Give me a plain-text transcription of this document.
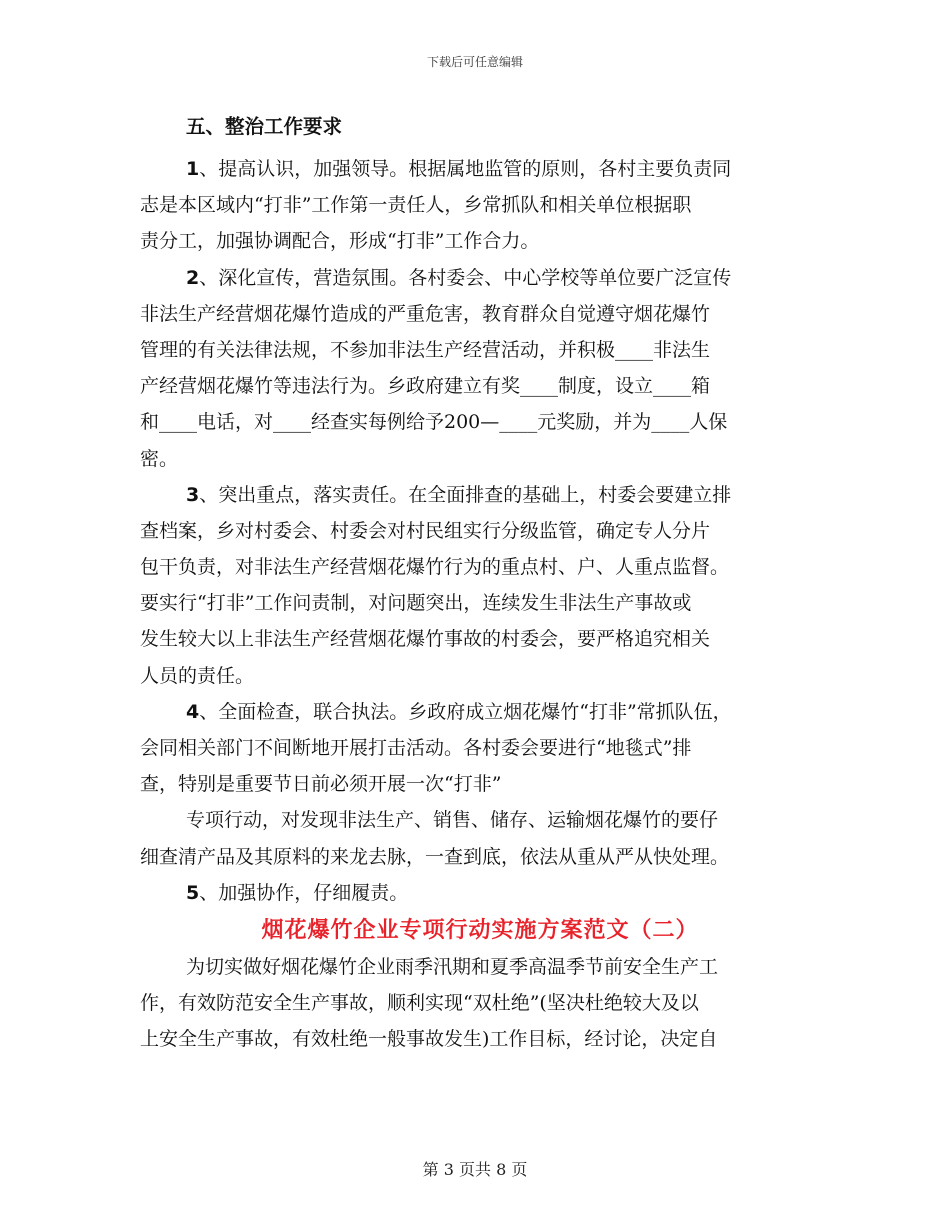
下载后可任意编辑
五、整治工作要求
1、提高认识，加强领导。根据属地监管的原则，各村主要负责同
志是本区域内“打非”工作第一责任人，乡常抓队和相关单位根据职
责分工，加强协调配合，形成“打非”工作合力。
2、深化宣传，营造氛围。各村委会、中心学校等单位要广泛宣传
非法生产经营烟花爆竹造成的严重危害，教育群众自觉遵守烟花爆竹
管理的有关法律法规，不参加非法生产经营活动，并积极____非法生
产经营烟花爆竹等违法行为。乡政府建立有奖____制度，设立____箱
和____电话，对____经查实每例给予200—____元奖励，并为____人保
密。
3、突出重点，落实责任。在全面排查的基础上，村委会要建立排
查档案，乡对村委会、村委会对村民组实行分级监管，确定专人分片
包干负责，对非法生产经营烟花爆竹行为的重点村、户、人重点监督。
要实行“打非”工作问责制，对问题突出，连续发生非法生产事故或
发生较大以上非法生产经营烟花爆竹事故的村委会，要严格追究相关
人员的责任。
4、全面检查，联合执法。乡政府成立烟花爆竹“打非”常抓队伍，
会同相关部门不间断地开展打击活动。各村委会要进行“地毯式”排
查，特别是重要节日前必须开展一次“打非”
专项行动，对发现非法生产、销售、储存、运输烟花爆竹的要仔
细查清产品及其原料的来龙去脉，一查到底，依法从重从严从快处理。
5、加强协作，仔细履责。
烟花爆竹企业专项行动实施方案范文（二）
为切实做好烟花爆竹企业雨季汛期和夏季高温季节前安全生产工
作，有效防范安全生产事故，顺利实现“双杜绝”(坚决杜绝较大及以
上安全生产事故，有效杜绝一般事故发生)工作目标，经讨论，决定自
第 3 页共 8 页
